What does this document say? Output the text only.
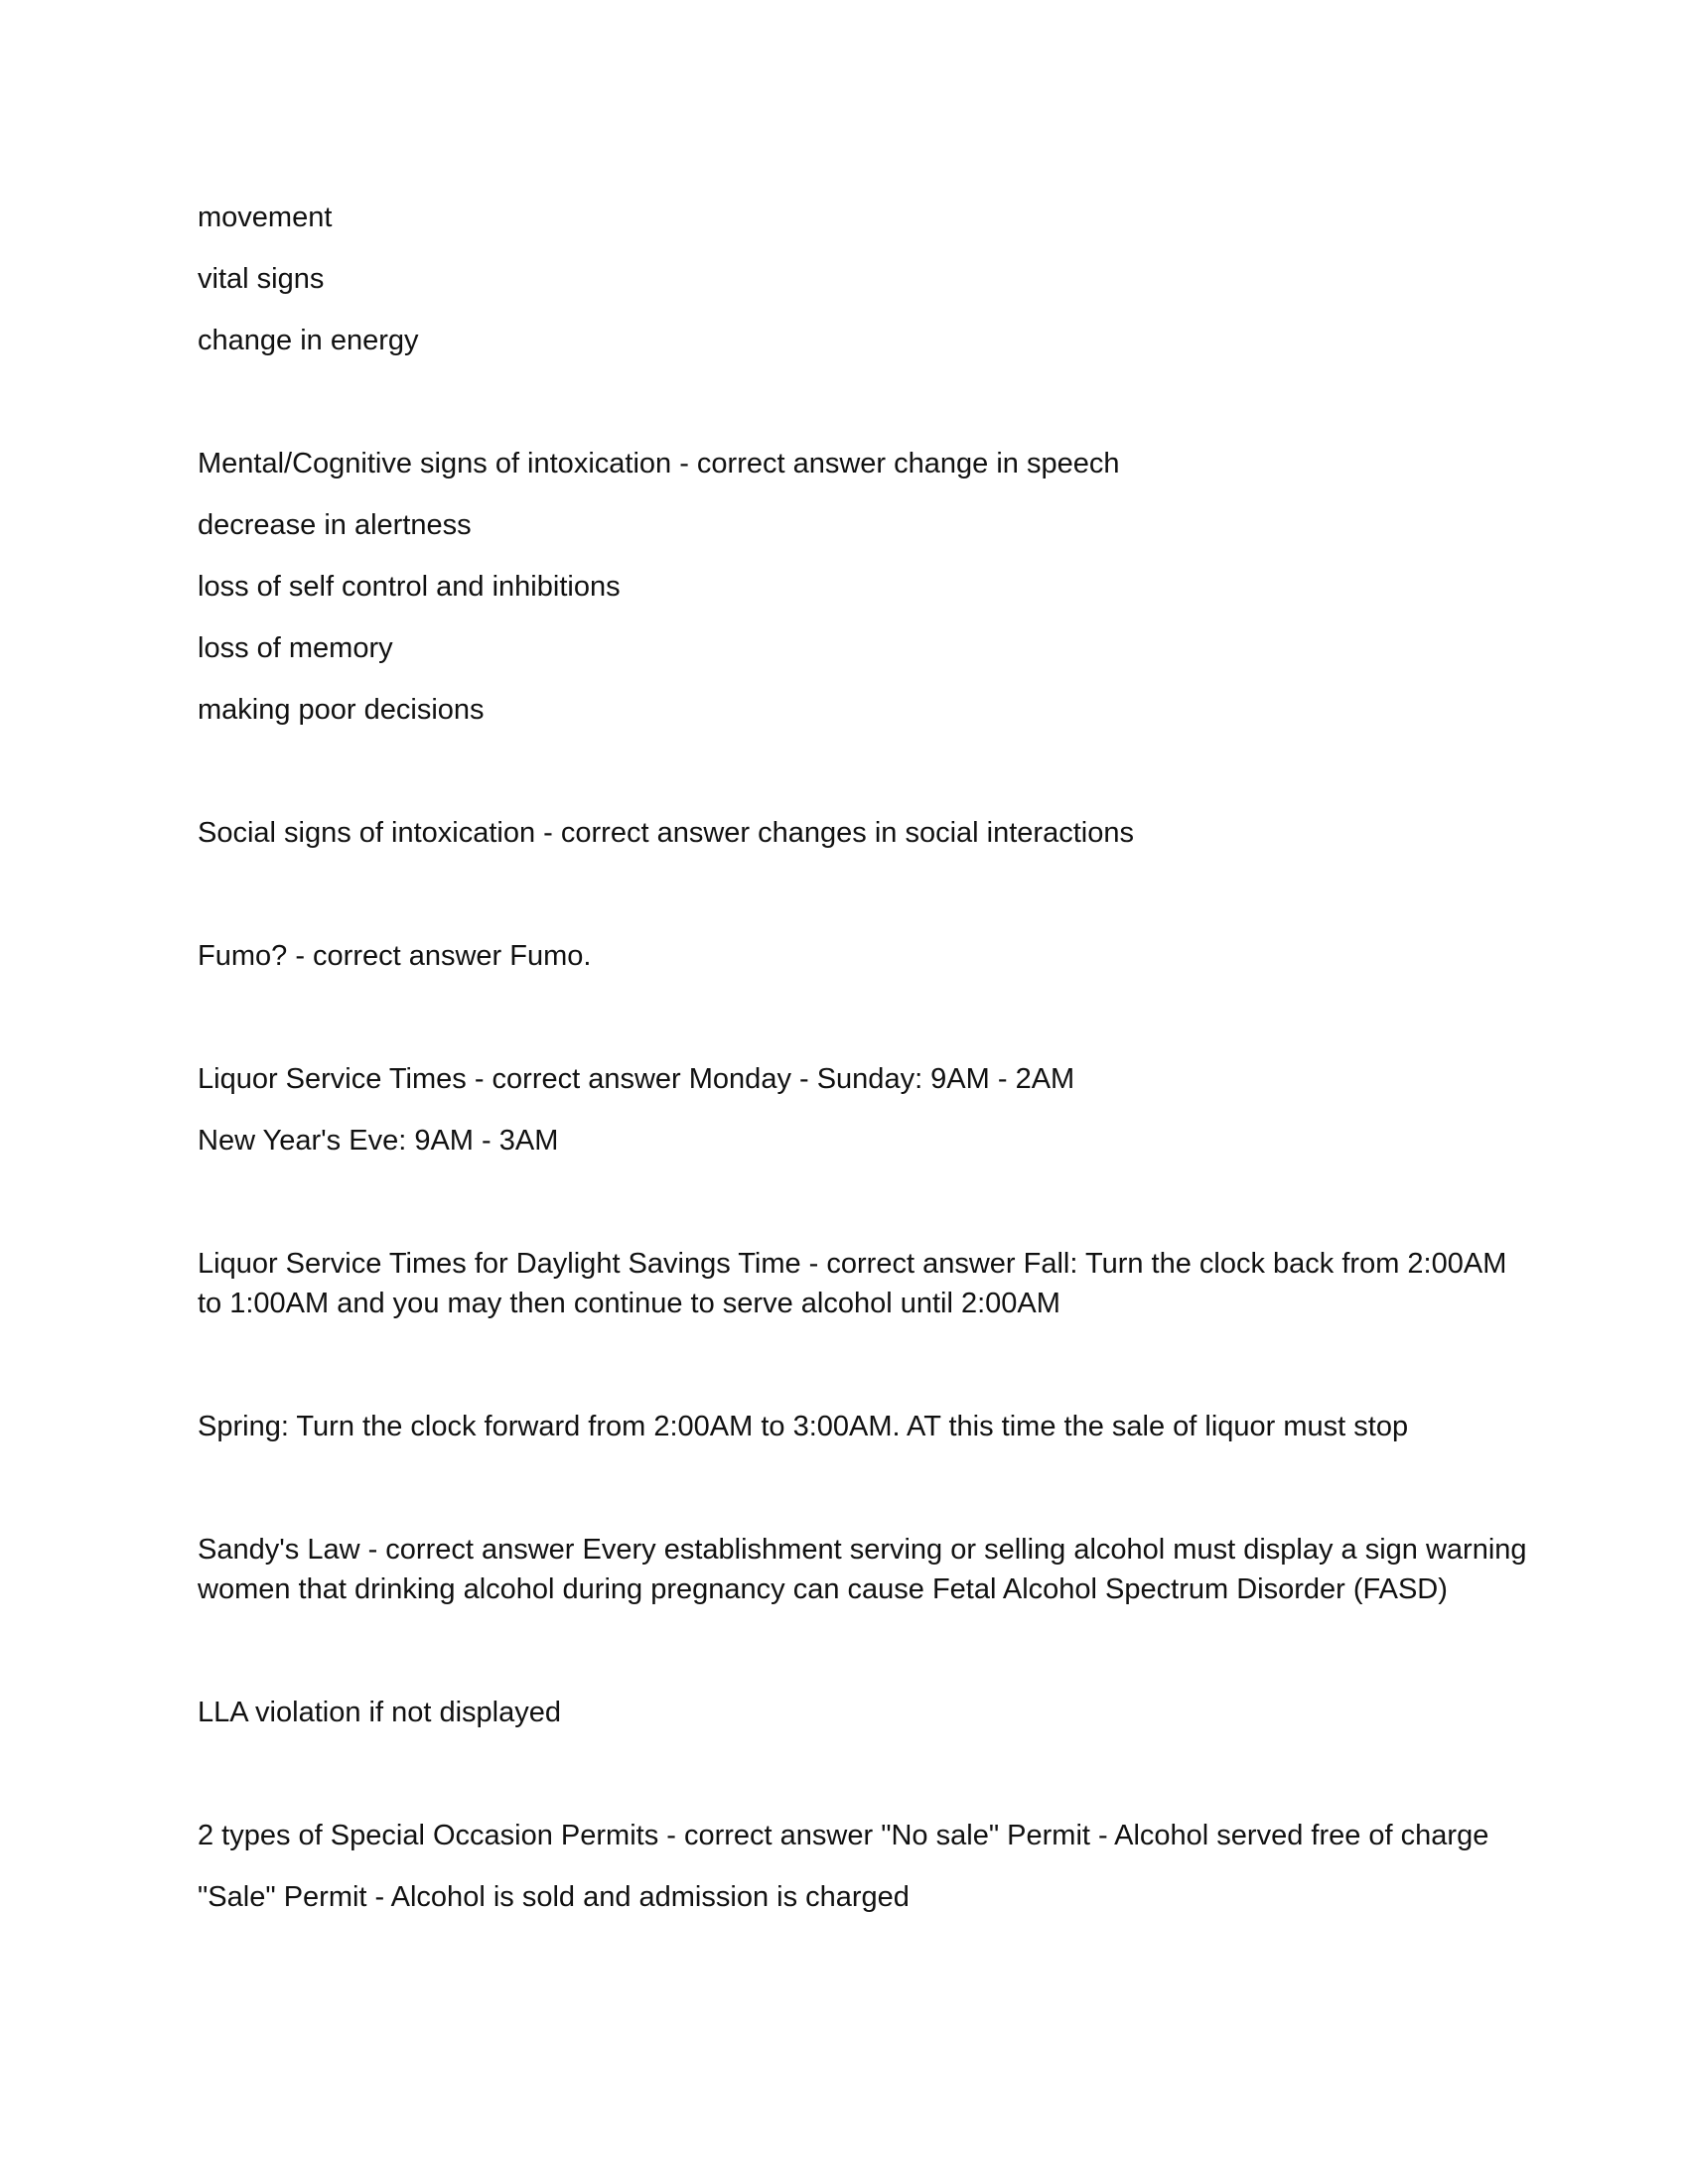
movement
vital signs
change in energy
Mental/Cognitive signs of intoxication - correct answer change in speech
decrease in alertness
loss of self control and inhibitions
loss of memory
making poor decisions
Social signs of intoxication - correct answer changes in social interactions
Fumo? - correct answer Fumo.
Liquor Service Times - correct answer Monday - Sunday: 9AM - 2AM
New Year's Eve: 9AM - 3AM
Liquor Service Times for Daylight Savings Time - correct answer Fall: Turn the clock back from 2:00AM
to 1:00AM and you may then continue to serve alcohol until 2:00AM
Spring: Turn the clock forward from 2:00AM to 3:00AM. AT this time the sale of liquor must stop
Sandy's Law - correct answer Every establishment serving or selling alcohol must display a sign warning
women that drinking alcohol during pregnancy can cause Fetal Alcohol Spectrum Disorder (FASD)
LLA violation if not displayed
2 types of Special Occasion Permits - correct answer "No sale" Permit - Alcohol served free of charge
"Sale" Permit - Alcohol is sold and admission is charged
